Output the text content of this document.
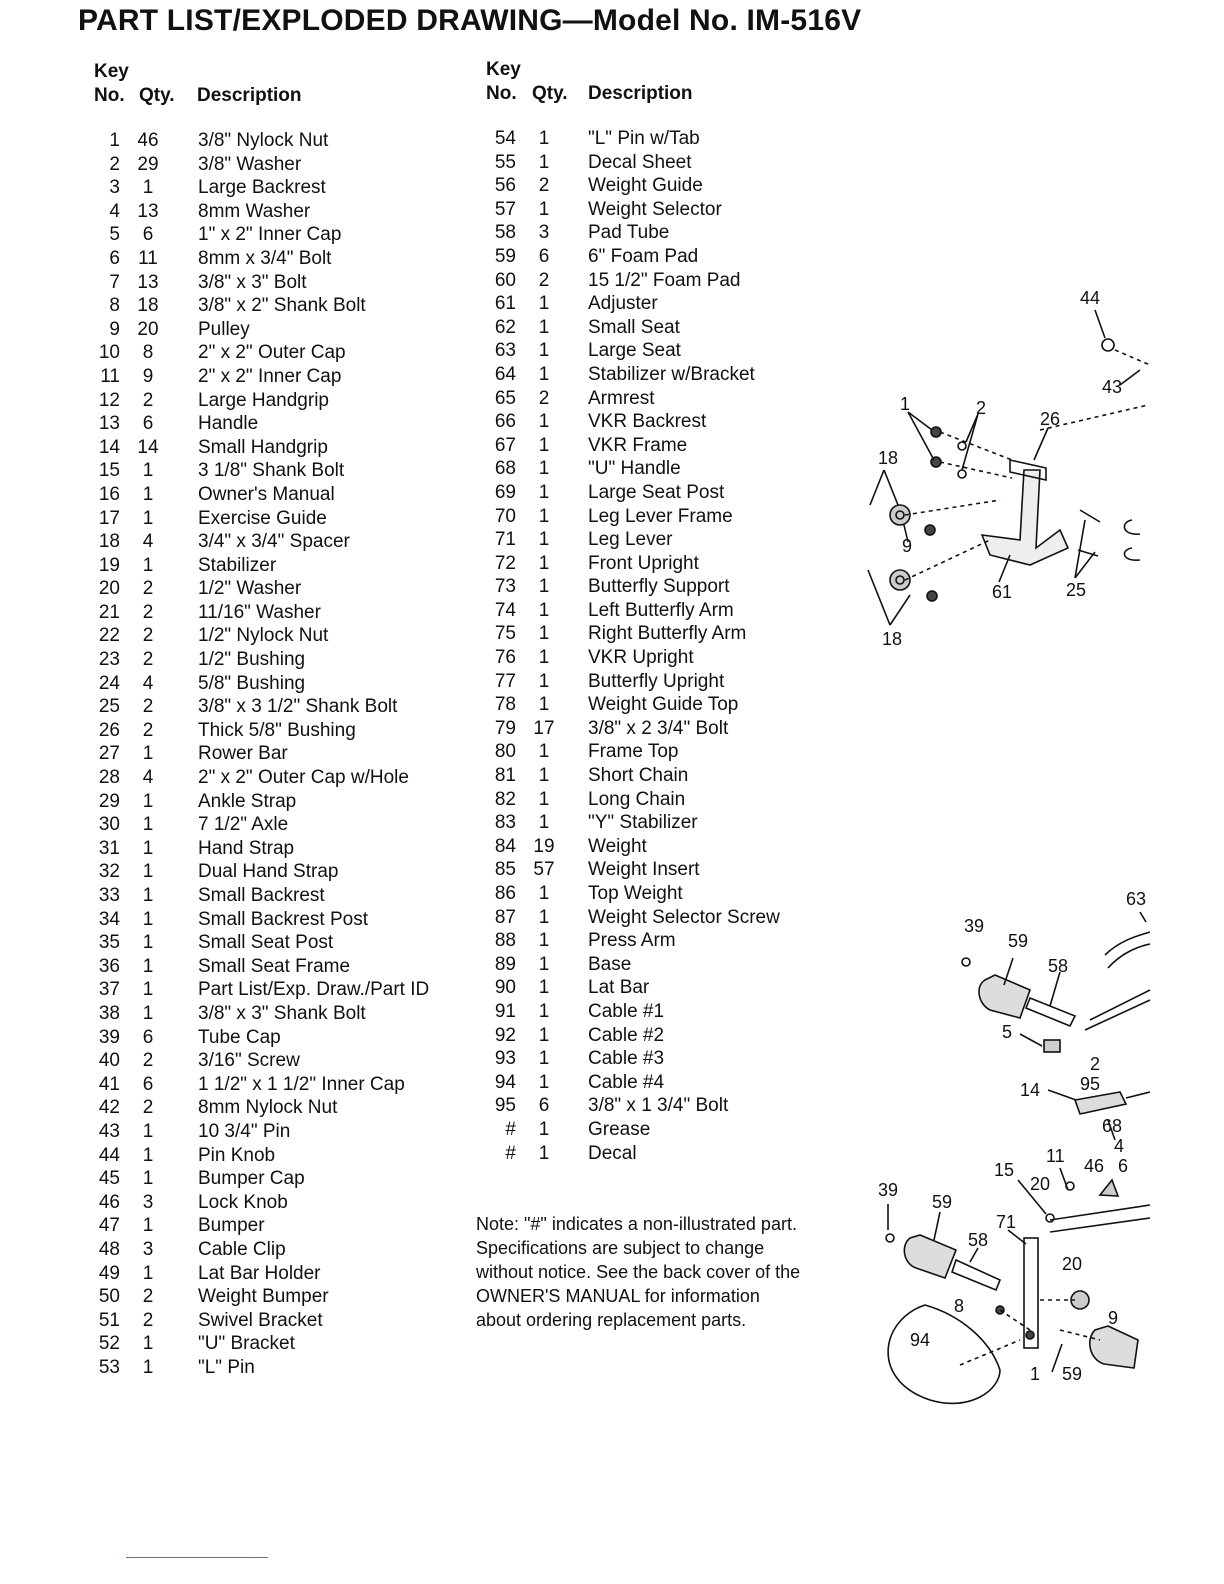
PART LIST/EXPLODED DRAWING—Model No. IM-516V
Key
No. Qty. Description
Key
No. Qty. Description
1 46 3/8" Nylock Nut
2 29 3/8" Washer
3	1	Large Backrest
4 13 8mm Washer
5	6	1" x 2" Inner Cap
6 11	8mm x 3/4" Bolt
7 13 3/8" x 3" Bolt
8 18 3/8" x 2" Shank Bolt
9 20 Pulley
10	8	2" x 2" Outer Cap
11	9	2" x 2" Inner Cap
12	2	Large Handgrip
13	6	Handle
14 14 Small Handgrip
15	1	3 1/8" Shank Bolt
16	1	Owner's Manual
17	1	Exercise Guide
18	4	3/4" x 3/4" Spacer
19	1	Stabilizer
20	2	1/2" Washer
21	2	11/16" Washer
22	2	1/2" Nylock Nut
23	2	1/2" Bushing
24	4	5/8" Bushing
25	2	3/8" x 3 1/2" Shank Bolt
26	2	Thick 5/8" Bushing
27	1	Rower Bar
28	4	2" x 2" Outer Cap w/Hole
29	1	Ankle Strap
30	1	7 1/2" Axle
31	1	Hand Strap
32	1	Dual Hand Strap
33	1	Small Backrest
34	1	Small Backrest Post
35	1	Small Seat Post
36	1	Small Seat Frame
37	1	Part List/Exp. Draw./Part ID
38	1	3/8" x 3" Shank Bolt
39	6	Tube Cap
40	2	3/16" Screw
41	6	1 1/2" x 1 1/2" Inner Cap
42	2	8mm Nylock Nut
43	1	10 3/4" Pin
44	1	Pin Knob
45	1	Bumper Cap
46	3	Lock Knob
47	1	Bumper
48	3	Cable Clip
49	1	Lat Bar Holder
50	2	Weight Bumper
51	2	Swivel Bracket
52	1	"U" Bracket
53	1	"L" Pin
54	1	"L" Pin w/Tab
55	1	Decal Sheet
56	2	Weight Guide
57	1	Weight Selector
58	3	Pad Tube
59	6	6" Foam Pad
60	2	15 1/2" Foam Pad
61	1	Adjuster
62	1	Small Seat
63	1	Large Seat
64	1	Stabilizer w/Bracket
65	2	Armrest
66	1	VKR Backrest
67	1	VKR Frame
68	1	"U" Handle
69	1	Large Seat Post
70	1	Leg Lever Frame
71	1	Leg Lever
72	1	Front Upright
73	1	Butterfly Support
74	1	Left Butterfly Arm
75	1	Right Butterfly Arm
76	1	VKR Upright
77	1	Butterfly Upright
78	1	Weight Guide Top
79 17 3/8" x 2 3/4" Bolt
80	1	Frame Top
81	1	Short Chain
82	1	Long Chain
83	1	"Y" Stabilizer
84 19 Weight
85 57 Weight Insert
86	1	Top Weight
87	1	Weight Selector Screw
88	1	Press Arm
89	1	Base
90	1	Lat Bar
91	1	Cable #1
92	1	Cable #2
93	1	Cable #3
94	1	Cable #4
95	6	3/8" x 1 3/4" Bolt
#	1	Grease
#	1	Decal
Note: "#" indicates a non-illustrated part.
Specifications are subject to change
without notice. See the back cover of the
OWNER'S MANUAL for information
about ordering replacement parts.
44
43
1	2
26
18
9
61	25
18
63
39
59
58
5
2
95
14
68
4
11 46 6
15
20
39
59
71
58
20
8
9
94
1 59
